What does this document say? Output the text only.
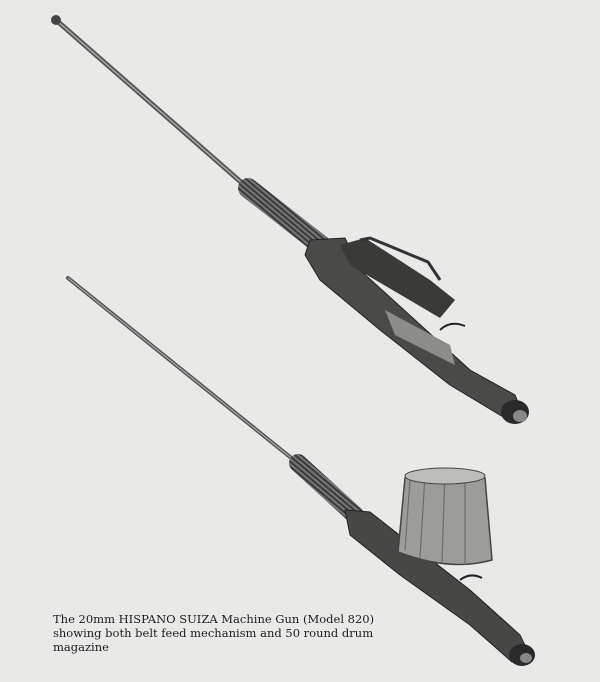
The 20mm HISPANO SUIZA Machine Gun (Model 820)
showing both belt feed mechanism and 50 round drum
magazine
